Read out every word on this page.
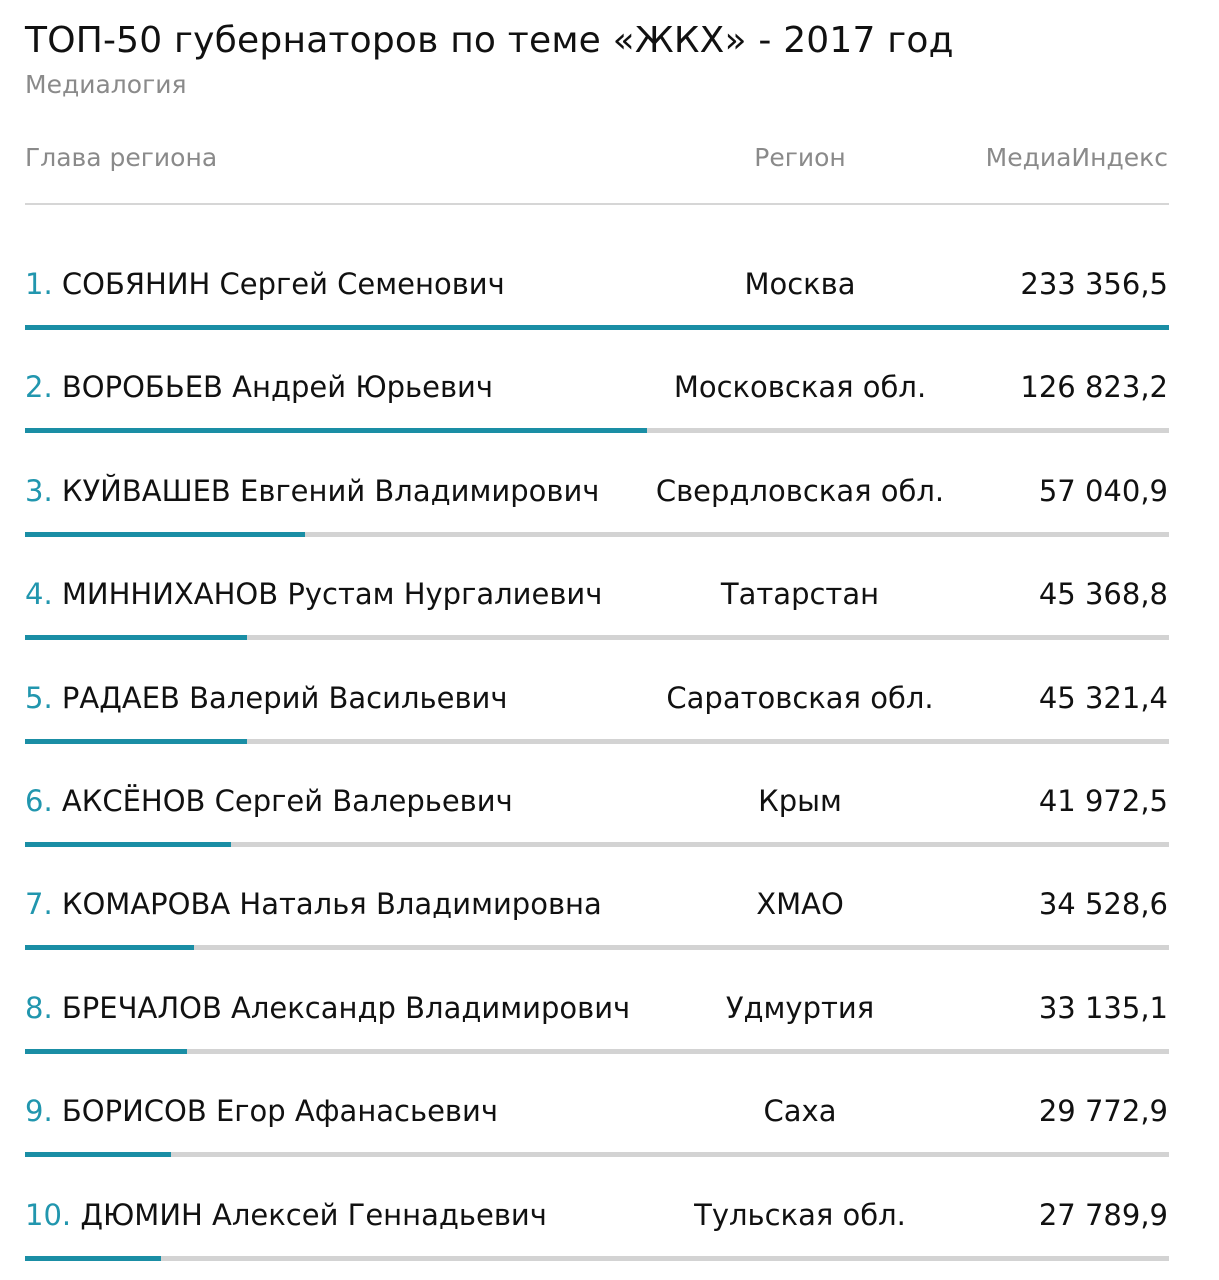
ТОП-50 губернаторов по теме «ЖКХ» - 2017 год
Медиалогия
Глава региона	Регион	МедиаИндекс
1. СОБЯНИН Сергей Семенович	Москва	233 356,5
2. ВОРОБЬЕВ Андрей Юрьевич	Московская обл.	126 823,2
3. КУЙВАШЕВ Евгений Владимирович	Свердловская обл.	57 040,9
4. МИННИХАНОВ Рустам Нургалиевич	Татарстан	45 368,8
5. РАДАЕВ Валерий Васильевич	Саратовская обл.	45 321,4
6. АКСЁНОВ Сергей Валерьевич	Крым	41 972,5
7. КОМАРОВА Наталья Владимировна	ХМАО	34 528,6
8. БРЕЧАЛОВ Александр Владимирович	Удмуртия	33 135,1
9. БОРИСОВ Егор Афанасьевич	Саха	29 772,9
10. ДЮМИН Алексей Геннадьевич	Тульская обл.	27 789,9
